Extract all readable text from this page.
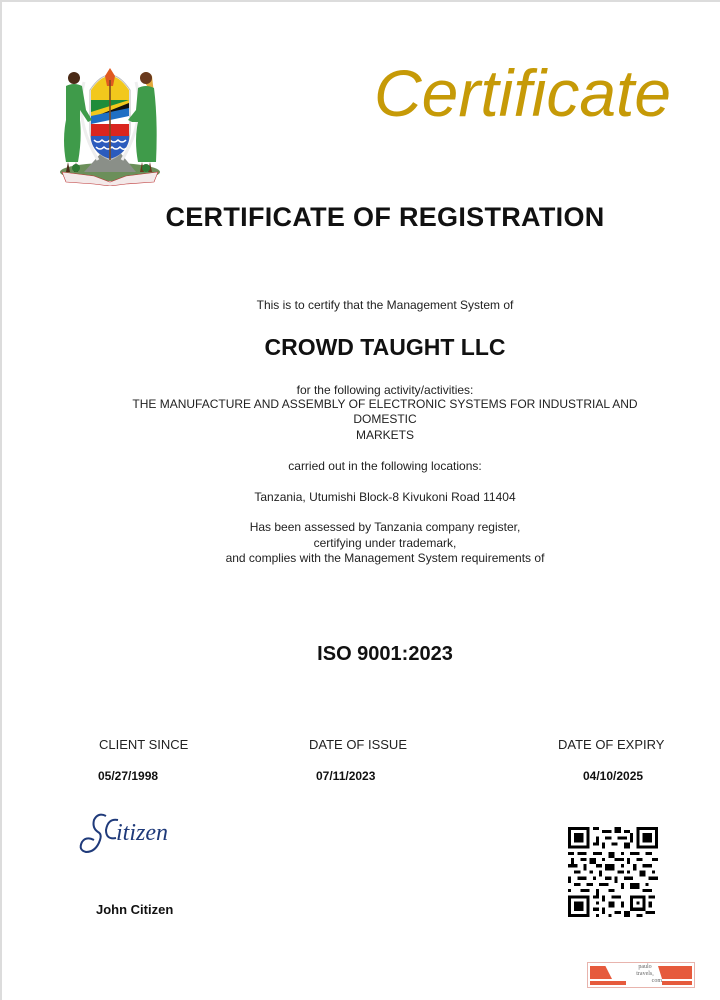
Certificate
CERTIFICATE OF REGISTRATION
This is to certify that the Management System of
CROWD TAUGHT LLC
for the following activity/activities:
THE MANUFACTURE AND ASSEMBLY OF ELECTRONIC SYSTEMS FOR INDUSTRIAL AND
DOMESTIC
MARKETS
carried out in the following locations:
Tanzania, Utumishi Block-8 Kivukoni Road 11404
Has been assessed by Tanzania company register,
certifying under trademark,
and complies with the Management System requirements of
ISO 9001:2023
CLIENT SINCE	DATE OF ISSUE	DATE OF EXPIRY
05/27/1998	07/11/2023	04/10/2025
itizen
John Citizen
paulo
travels,
com
